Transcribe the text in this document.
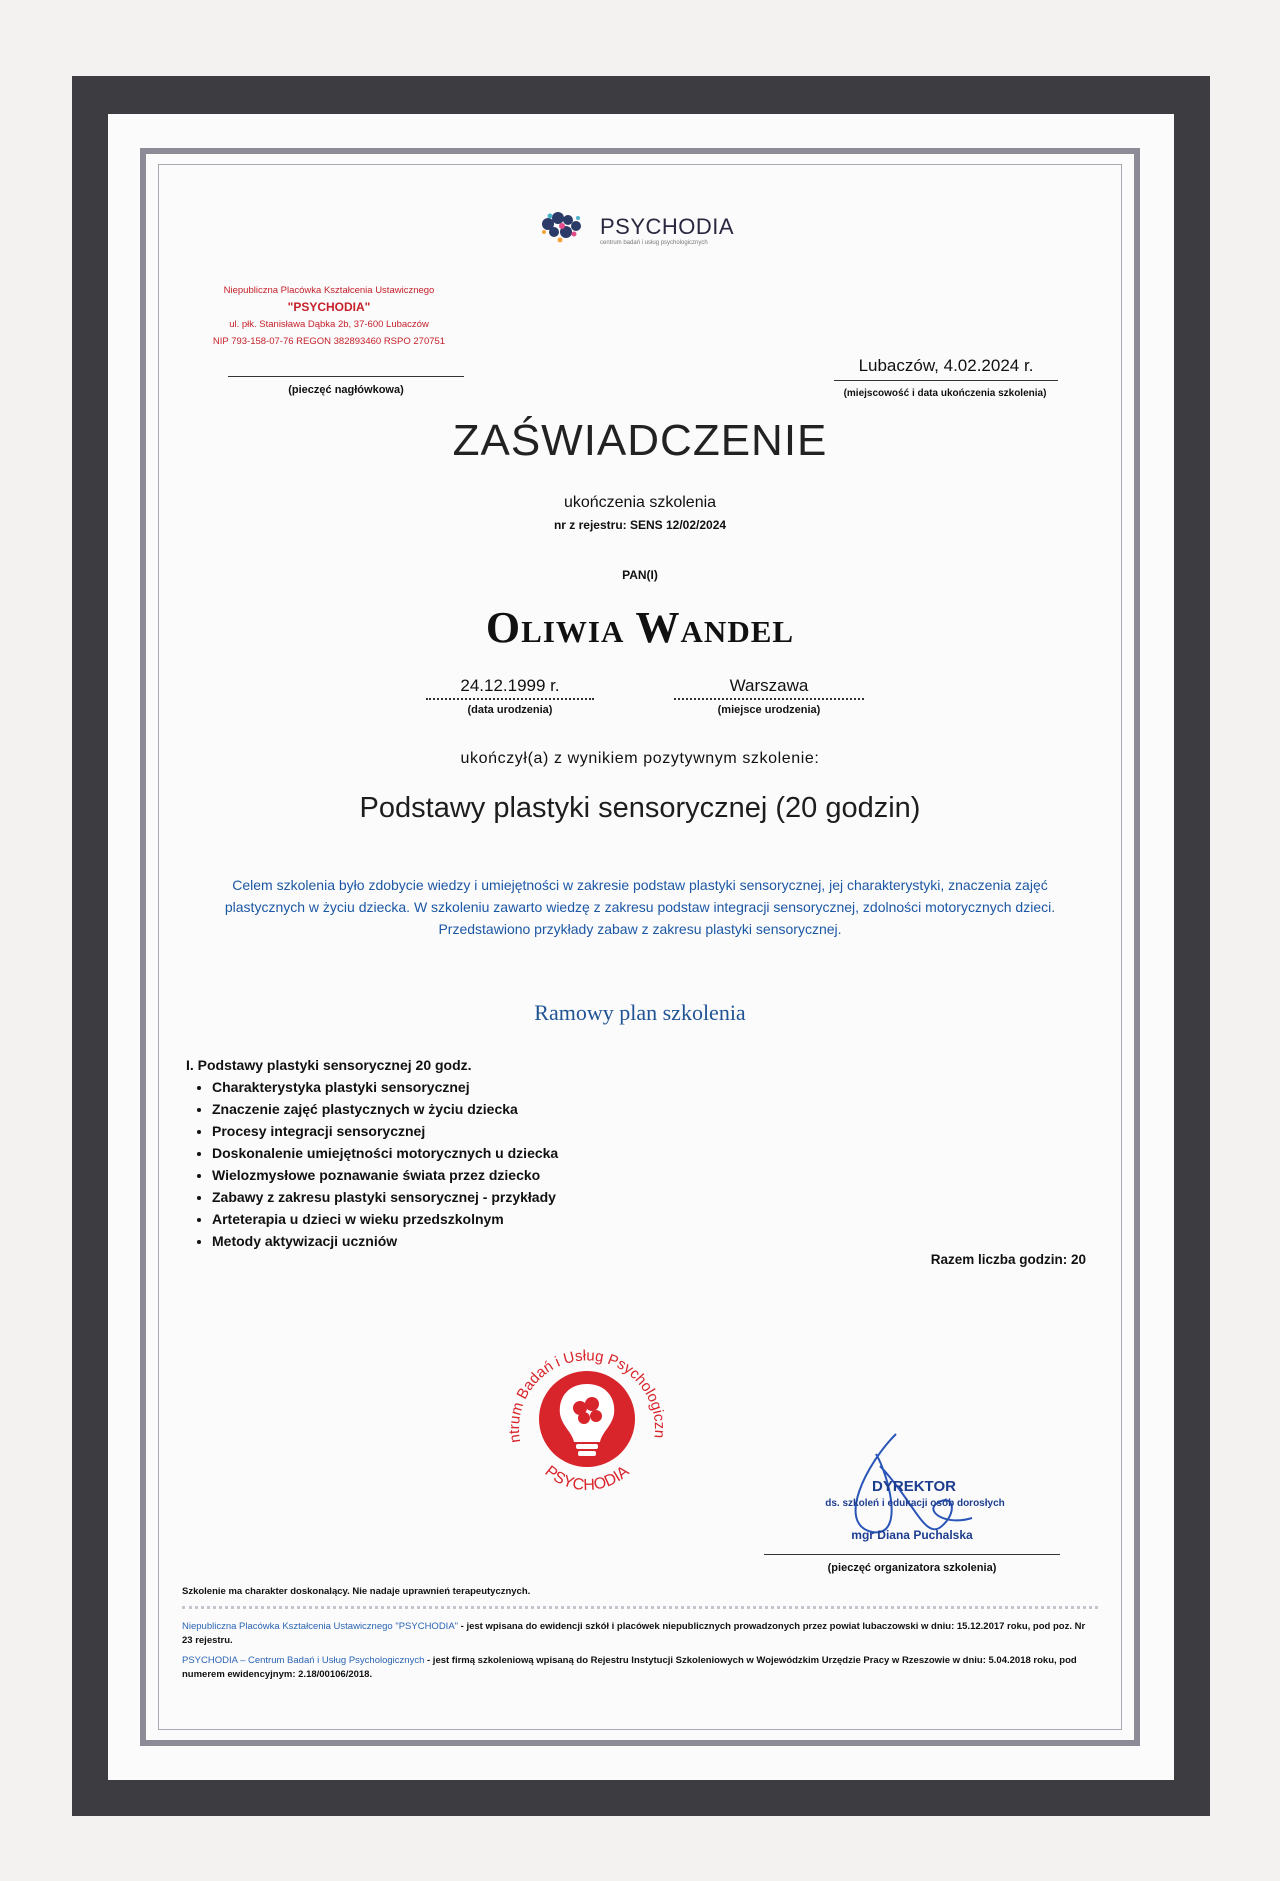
PSYCHODIA
centrum badań i usług psychologicznych
Niepubliczna Placówka Kształcenia Ustawicznego
"PSYCHODIA"
ul. płk. Stanisława Dąbka 2b, 37-600 Lubaczów
NIP 793-158-07-76 REGON 382893460 RSPO 270751
(pieczęć nagłówkowa)
Lubaczów, 4.02.2024 r.
(miejscowość i data ukończenia szkolenia)
ZAŚWIADCZENIE
ukończenia szkolenia
nr z rejestru: SENS 12/02/2024
PAN(I)
Oliwia Wandel
24.12.1999 r.
(data urodzenia)
Warszawa
(miejsce urodzenia)
ukończył(a) z wynikiem pozytywnym szkolenie:
Podstawy plastyki sensorycznej (20 godzin)
Celem szkolenia było zdobycie wiedzy i umiejętności w zakresie podstaw plastyki sensorycznej, jej charakterystyki, znaczenia zajęć plastycznych w życiu dziecka. W szkoleniu zawarto wiedzę z zakresu podstaw integracji sensorycznej, zdolności motorycznych dzieci. Przedstawiono przykłady zabaw z zakresu plastyki sensorycznej.
Ramowy plan szkolenia
I. Podstawy plastyki sensorycznej 20 godz.
• Charakterystyka plastyki sensorycznej
• Znaczenie zajęć plastycznych w życiu dziecka
• Procesy integracji sensorycznej
• Doskonalenie umiejętności motorycznych u dziecka
• Wielozmysłowe poznawanie świata przez dziecko
• Zabawy z zakresu plastyki sensorycznej - przykłady
• Arteterapia u dzieci w wieku przedszkolnym
• Metody aktywizacji uczniów
Razem liczba godzin: 20
ntrum Badań i Usług Psychologiczn
PSYCHODIA
DYREKTOR
ds. szkoleń i edukacji osób dorosłych
mgr Diana Puchalska
(pieczęć organizatora szkolenia)
Szkolenie ma charakter doskonalący. Nie nadaje uprawnień terapeutycznych.
Niepubliczna Placówka Kształcenia Ustawicznego "PSYCHODIA" - jest wpisana do ewidencji szkół i placówek niepublicznych prowadzonych przez powiat lubaczowski w dniu: 15.12.2017 roku, pod poz. Nr 23 rejestru.
PSYCHODIA – Centrum Badań i Usług Psychologicznych - jest firmą szkoleniową wpisaną do Rejestru Instytucji Szkoleniowych w Wojewódzkim Urzędzie Pracy w Rzeszowie w dniu: 5.04.2018 roku, pod numerem ewidencyjnym: 2.18/00106/2018.
